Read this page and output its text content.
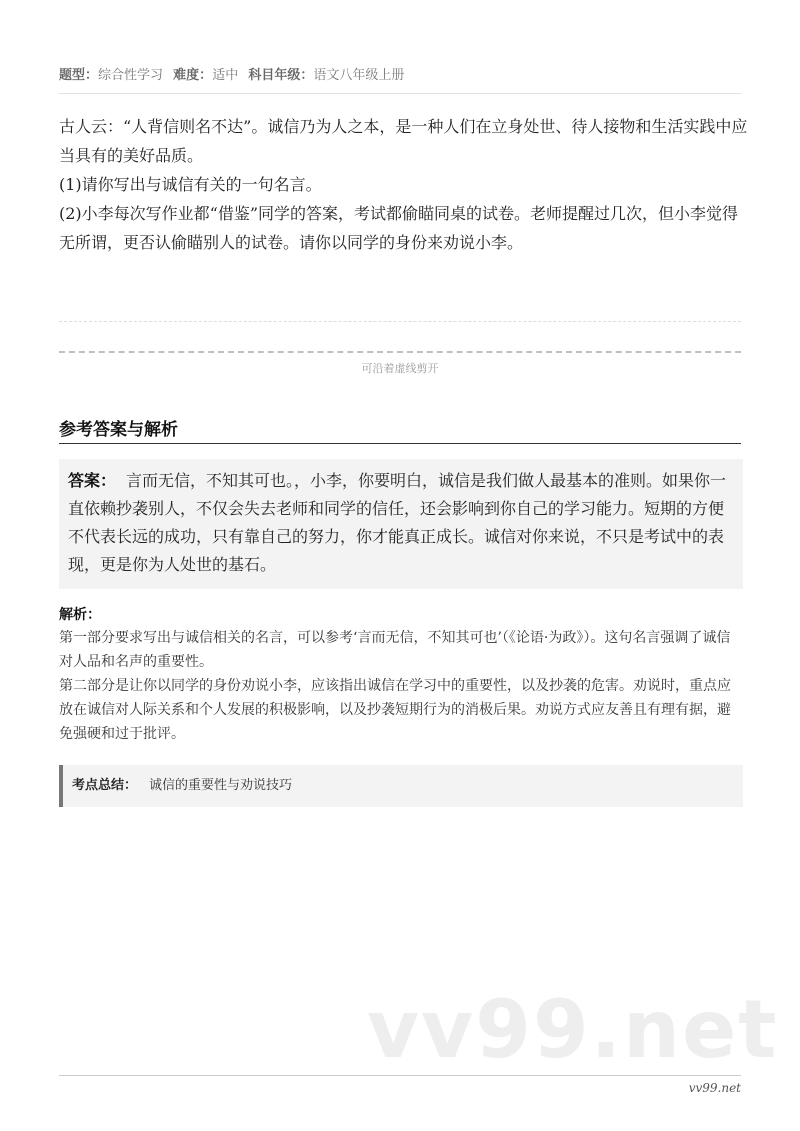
题型：综合性学习 难度：适中 科目年级：语文八年级上册

古人云：“人背信则名不达”。诚信乃为人之本，是一种人们在立身处世、待人接物和生活实践中应当具有的美好品质。

(1)请你写出与诚信有关的一句名言。

(2)小李每次写作业都“借鉴”同学的答案，考试都偷瞄同桌的试卷。老师提醒过几次，但小李觉得无所谓，更否认偷瞄别人的试卷。请你以同学的身份来劝说小李。

可沿着虚线剪开
参考答案与解析
答案： 言而无信，不知其可也。，小李，你要明白，诚信是我们做人最基本的准则。如果你一直依赖抄袭别人，不仅会失去老师和同学的信任，还会影响到你自己的学习能力。短期的方便不代表长远的成功，只有靠自己的努力，你才能真正成长。诚信对你来说，不只是考试中的表现，更是你为人处世的基石。
解析：

第一部分要求写出与诚信相关的名言，可以参考‘言而无信，不知其可也’（《论语·为政》）。这句名言强调了诚信对人品和名声的重要性。

第二部分是让你以同学的身份劝说小李，应该指出诚信在学习中的重要性，以及抄袭的危害。劝说时，重点应放在诚信对人际关系和个人发展的积极影响，以及抄袭短期行为的消极后果。劝说方式应友善且有理有据，避免强硬和过于批评。

考点总结： 诚信的重要性与劝说技巧
vv99.net
vv99.net
